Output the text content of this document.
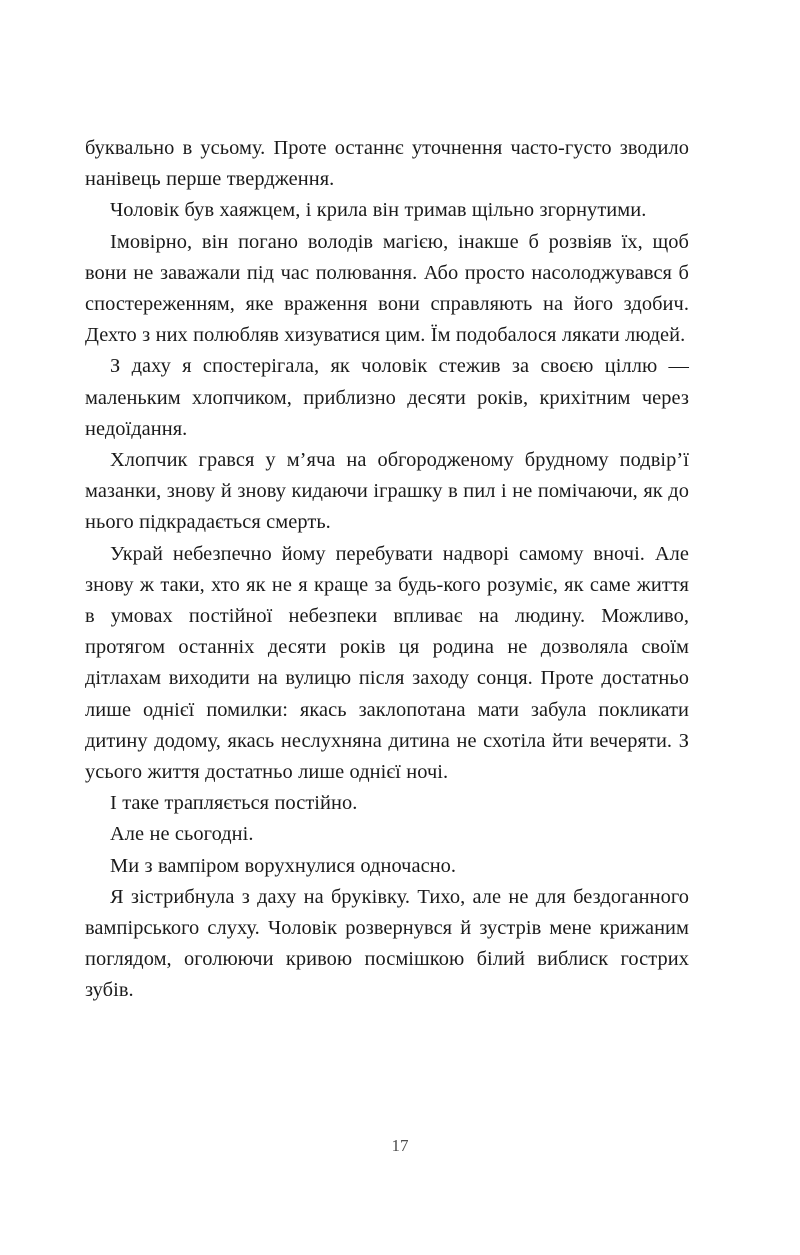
буквально в усьому. Проте останнє уточнення часто-густо зводило нанівець перше твердження.

Чоловік був хаяжцем, і крила він тримав щільно згорнутими.

Імовірно, він погано володів магією, інакше б розвіяв їх, щоб вони не заважали під час полювання. Або просто насолоджувався б спостереженням, яке враження вони справляють на його здобич. Дехто з них полюбляв хизуватися цим. Їм подобалося лякати людей.

З даху я спостерігала, як чоловік стежив за своєю ціллю — маленьким хлопчиком, приблизно десяти років, крихітним через недоїдання.

Хлопчик грався у м’яча на обгородженому брудному подвір’ї мазанки, знову й знову кидаючи іграшку в пил і не помічаючи, як до нього підкрадається смерть.

Украй небезпечно йому перебувати надворі самому вночі. Але знову ж таки, хто як не я краще за будь-кого розуміє, як саме життя в умовах постійної небезпеки впливає на людину. Можливо, протягом останніх десяти років ця родина не дозволяла своїм дітлахам виходити на вулицю після заходу сонця. Проте достатньо лише однієї помилки: якась заклопотана мати забула покликати дитину додому, якась неслухняна дитина не схотіла йти вечеряти. З усього життя достатньо лише однієї ночі.

І таке трапляється постійно.

Але не сьогодні.

Ми з вампіром ворухнулися одночасно.

Я зістрибнула з даху на бруківку. Тихо, але не для бездоганного вампірського слуху. Чоловік розвернувся й зустрів мене крижаним поглядом, оголюючи кривою посмішкою білий виблиск гострих зубів.

17
